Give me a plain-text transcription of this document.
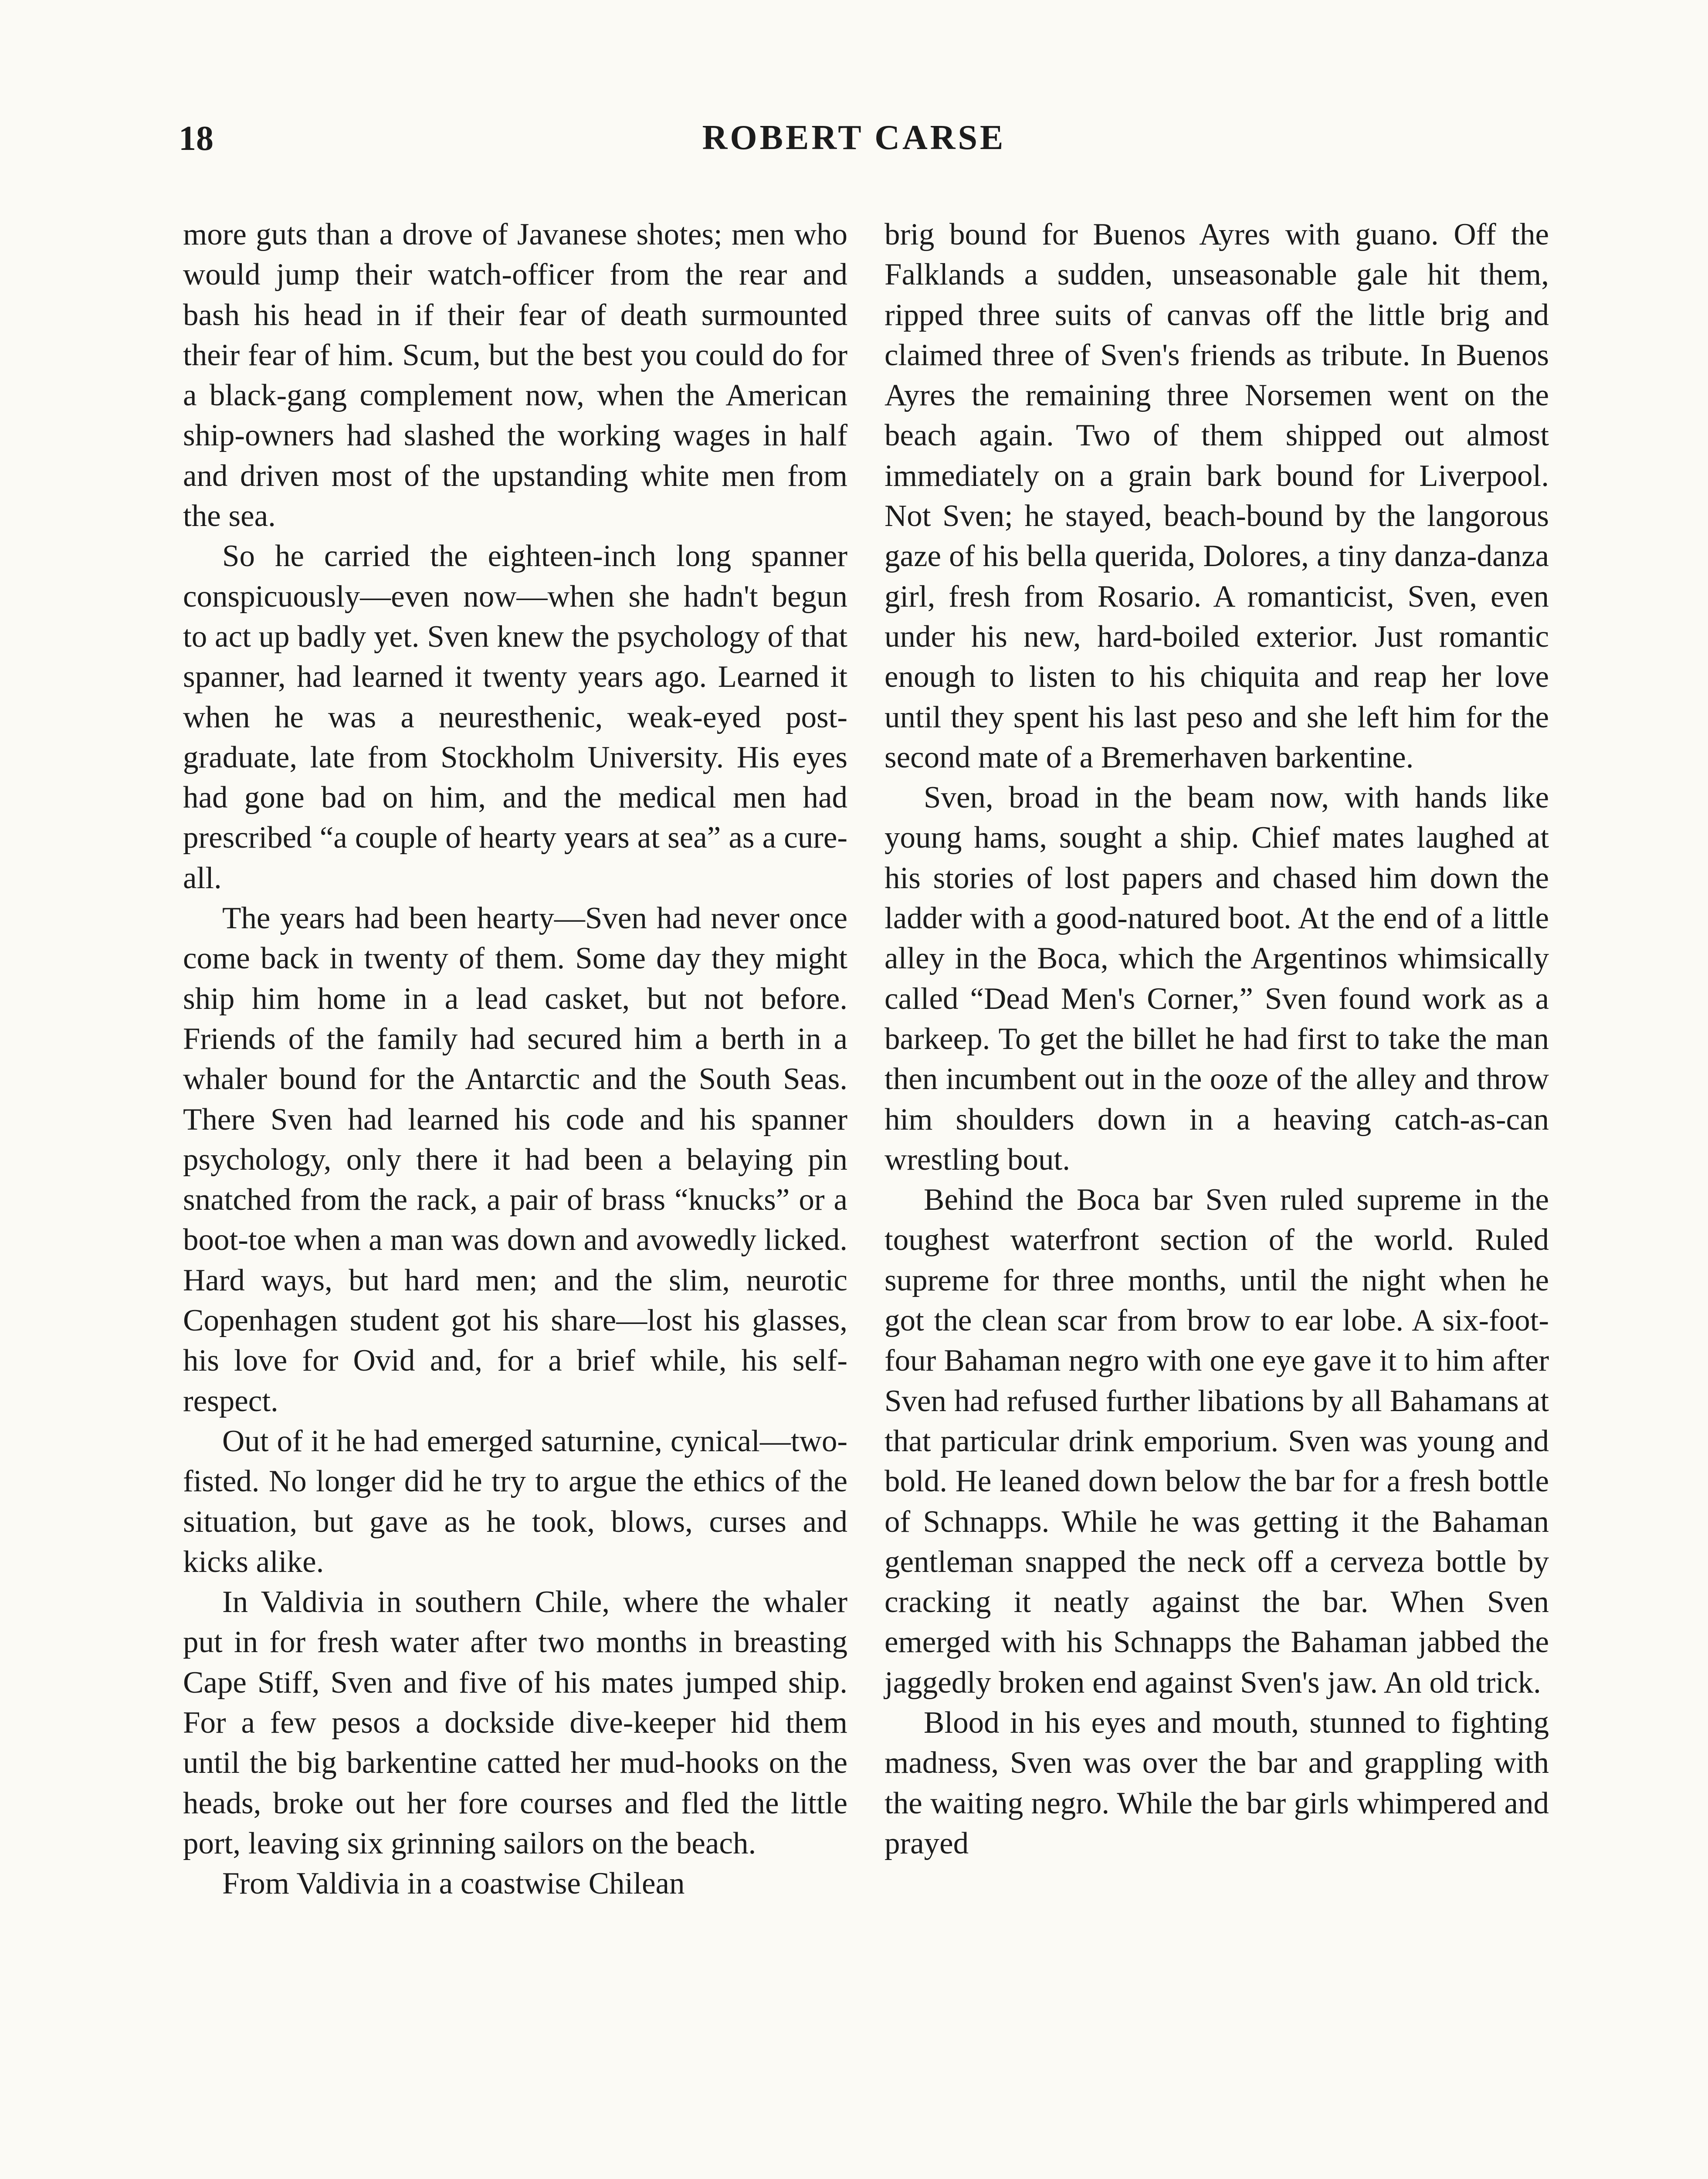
18	ROBERT CARSE

more guts than a drove of Javanese shotes; men who would jump their watch-officer from the rear and bash his head in if their fear of death surmounted their fear of him. Scum, but the best you could do for a black-gang complement now, when the American ship-owners had slashed the working wages in half and driven most of the upstanding white men from the sea.

So he carried the eighteen-inch long spanner conspicuously—even now—when she hadn't begun to act up badly yet. Sven knew the psychology of that spanner, had learned it twenty years ago. Learned it when he was a neuresthenic, weak-eyed post-graduate, late from Stockholm University. His eyes had gone bad on him, and the medical men had prescribed “a couple of hearty years at sea” as a cure-all.

The years had been hearty—Sven had never once come back in twenty of them. Some day they might ship him home in a lead casket, but not before. Friends of the family had secured him a berth in a whaler bound for the Antarctic and the South Seas. There Sven had learned his code and his spanner psychology, only there it had been a belaying pin snatched from the rack, a pair of brass “knucks” or a boot-toe when a man was down and avowedly licked. Hard ways, but hard men; and the slim, neurotic Copenhagen student got his share—lost his glasses, his love for Ovid and, for a brief while, his self-respect.

Out of it he had emerged saturnine, cynical—two-fisted. No longer did he try to argue the ethics of the situation, but gave as he took, blows, curses and kicks alike.

In Valdivia in southern Chile, where the whaler put in for fresh water after two months in breasting Cape Stiff, Sven and five of his mates jumped ship. For a few pesos a dockside dive-keeper hid them until the big barkentine catted her mud-hooks on the heads, broke out her fore courses and fled the little port, leaving six grinning sailors on the beach.

From Valdivia in a coastwise Chilean

brig bound for Buenos Ayres with guano. Off the Falklands a sudden, unseasonable gale hit them, ripped three suits of canvas off the little brig and claimed three of Sven's friends as tribute. In Buenos Ayres the remaining three Norsemen went on the beach again. Two of them shipped out almost immediately on a grain bark bound for Liverpool. Not Sven; he stayed, beach-bound by the langorous gaze of his bella querida, Dolores, a tiny danza-danza girl, fresh from Rosario. A romanticist, Sven, even under his new, hard-boiled exterior. Just romantic enough to listen to his chiquita and reap her love until they spent his last peso and she left him for the second mate of a Bremerhaven barkentine.

Sven, broad in the beam now, with hands like young hams, sought a ship. Chief mates laughed at his stories of lost papers and chased him down the ladder with a good-natured boot. At the end of a little alley in the Boca, which the Argentinos whimsically called “Dead Men's Corner,” Sven found work as a barkeep. To get the billet he had first to take the man then incumbent out in the ooze of the alley and throw him shoulders down in a heaving catch-as-can wrestling bout.

Behind the Boca bar Sven ruled supreme in the toughest waterfront section of the world. Ruled supreme for three months, until the night when he got the clean scar from brow to ear lobe. A six-foot-four Bahaman negro with one eye gave it to him after Sven had refused further libations by all Bahamans at that particular drink emporium. Sven was young and bold. He leaned down below the bar for a fresh bottle of Schnapps. While he was getting it the Bahaman gentleman snapped the neck off a cerveza bottle by cracking it neatly against the bar. When Sven emerged with his Schnapps the Bahaman jabbed the jaggedly broken end against Sven's jaw. An old trick.

Blood in his eyes and mouth, stunned to fighting madness, Sven was over the bar and grappling with the waiting negro. While the bar girls whimpered and prayed
